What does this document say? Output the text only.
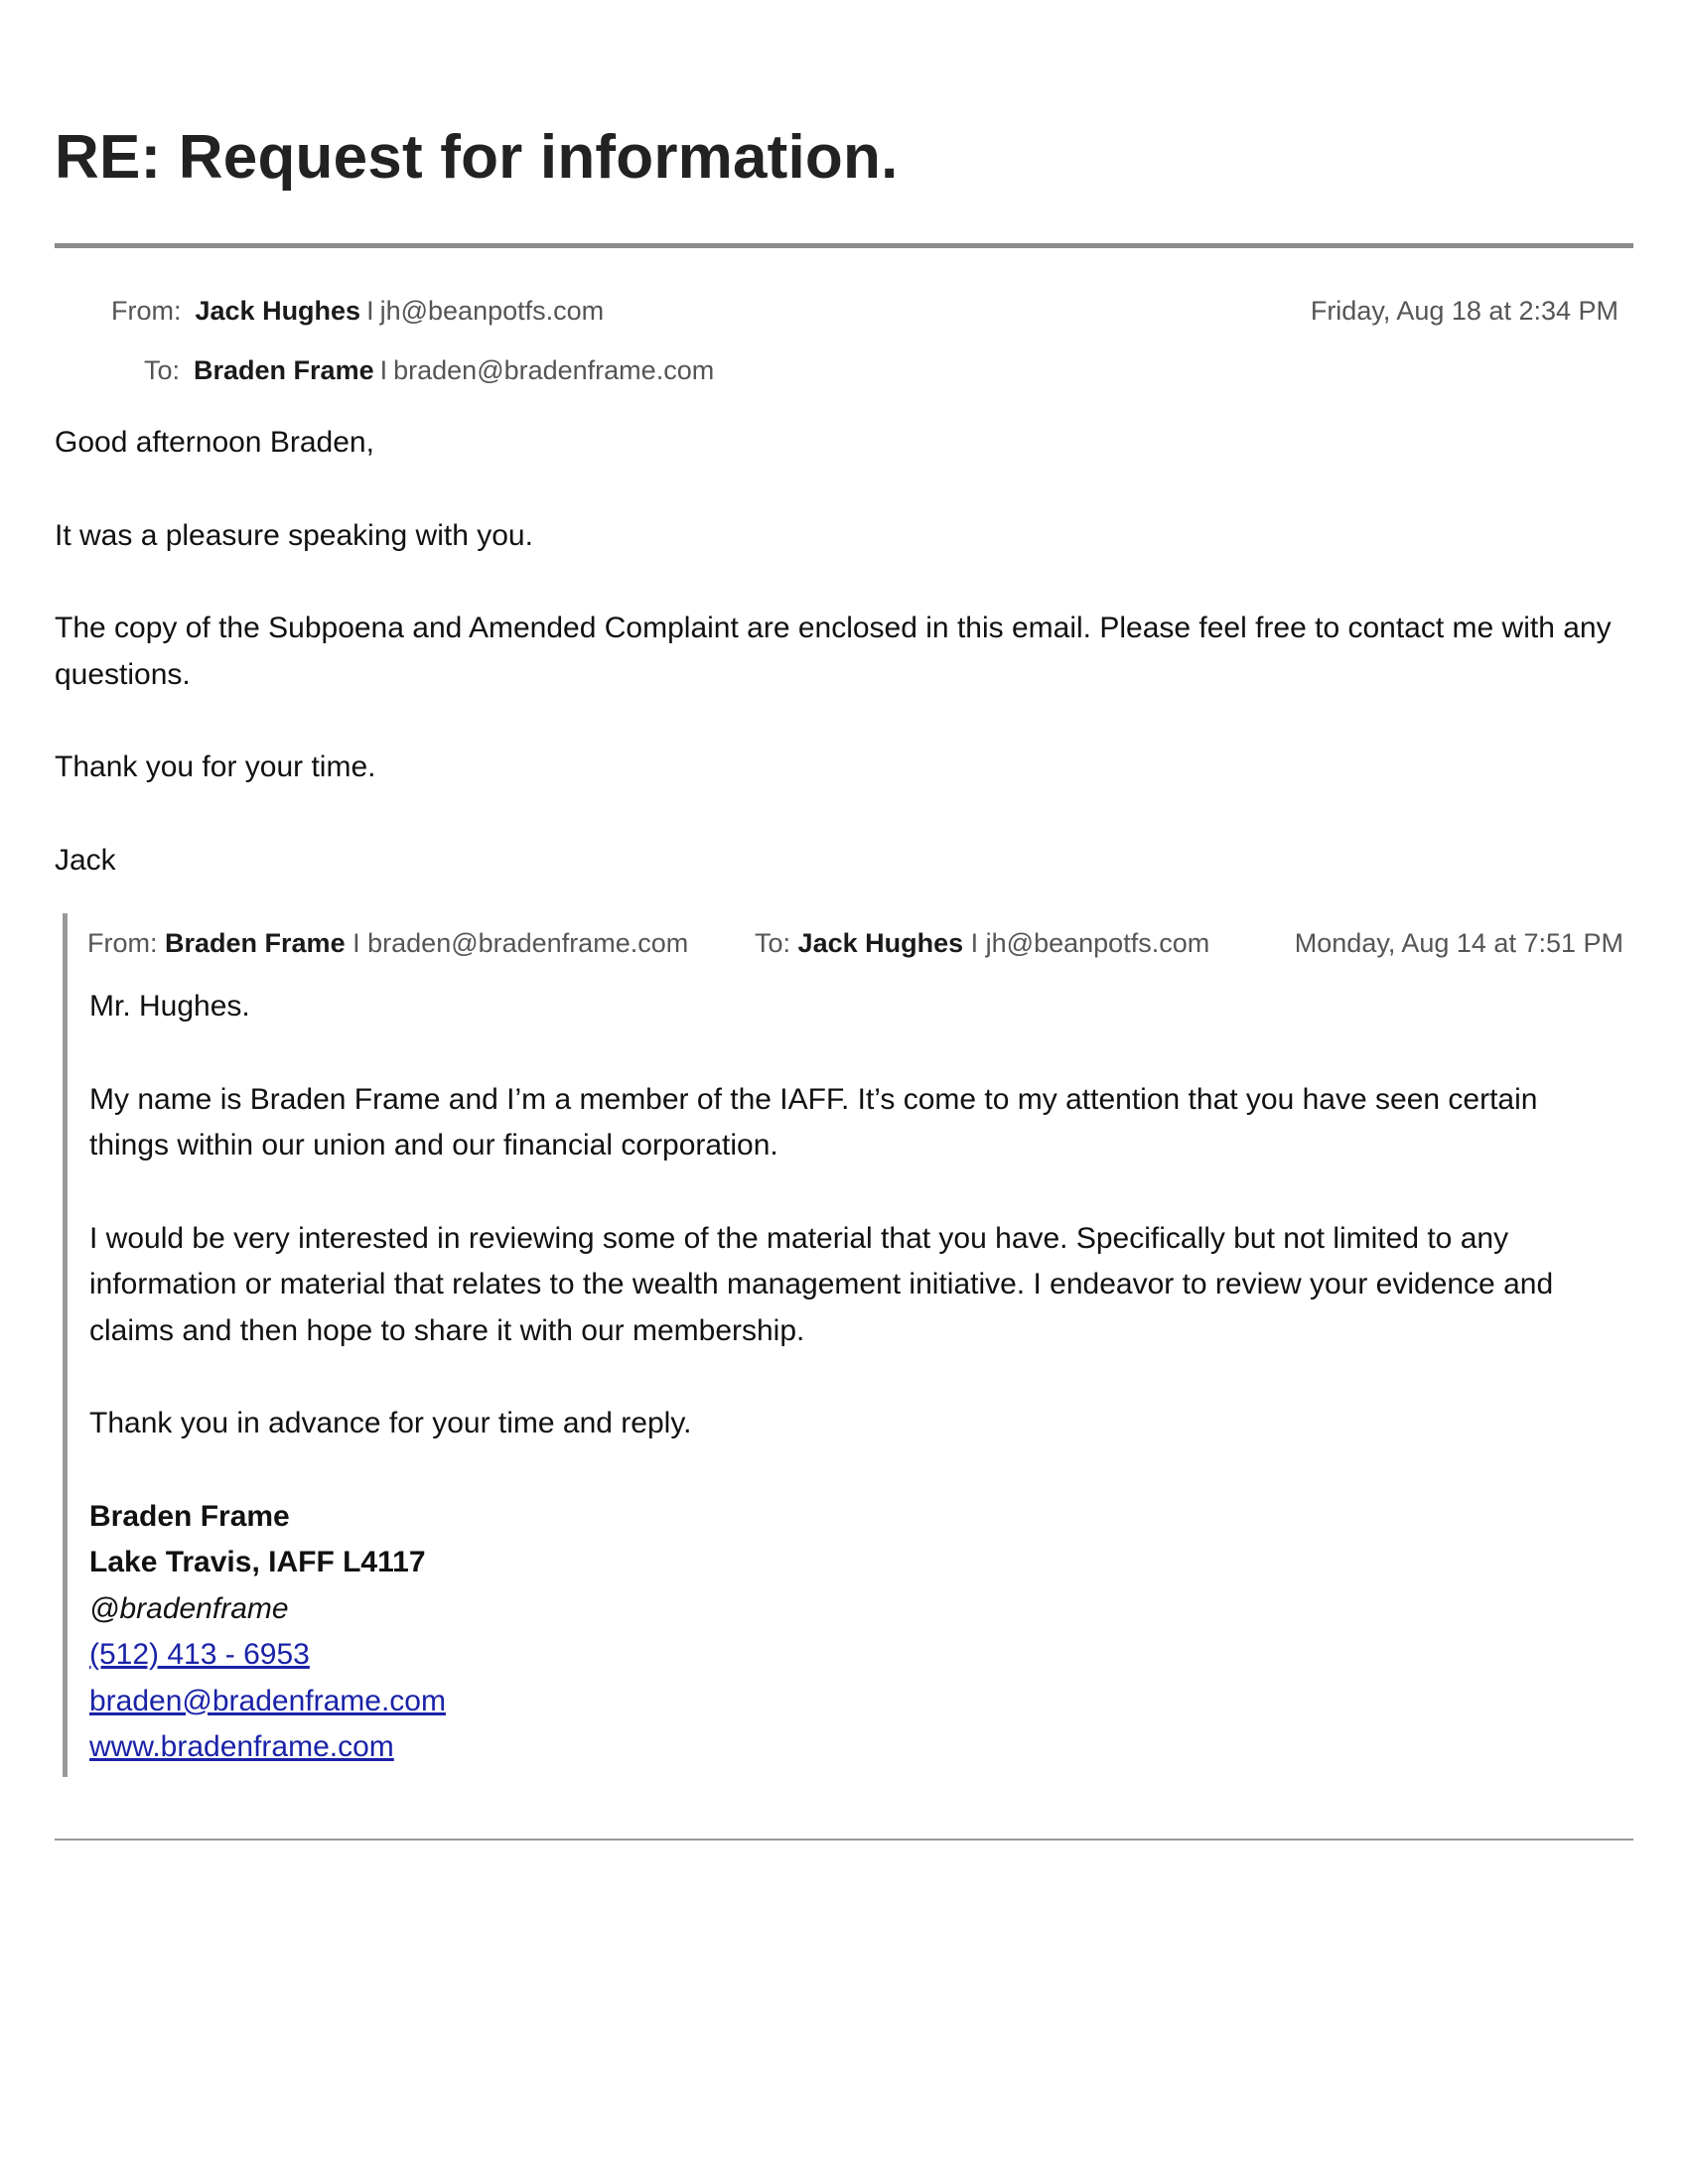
RE: Request for information.
From: Jack Hughes I jh@beanpotfs.com	Friday, Aug 18 at 2:34 PM
To: Braden Frame I braden@bradenframe.com

Good afternoon Braden,

It was a pleasure speaking with you.

The copy of the Subpoena and Amended Complaint are enclosed in this email. Please feel free to contact me with any questions.

Thank you for your time.

Jack

From: Braden Frame I braden@bradenframe.com To: Jack Hughes I jh@beanpotfs.com	Monday, Aug 14 at 7:51 PM

Mr. Hughes.

My name is Braden Frame and I’m a member of the IAFF. It’s come to my attention that you have seen certain things within our union and our financial corporation.

I would be very interested in reviewing some of the material that you have. Specifically but not limited to any information or material that relates to the wealth management initiative. I endeavor to review your evidence and claims and then hope to share it with our membership.

Thank you in advance for your time and reply.

Braden Frame
Lake Travis, IAFF L4117
@bradenframe
(512) 413 - 6953
braden@bradenframe.com
www.bradenframe.com
